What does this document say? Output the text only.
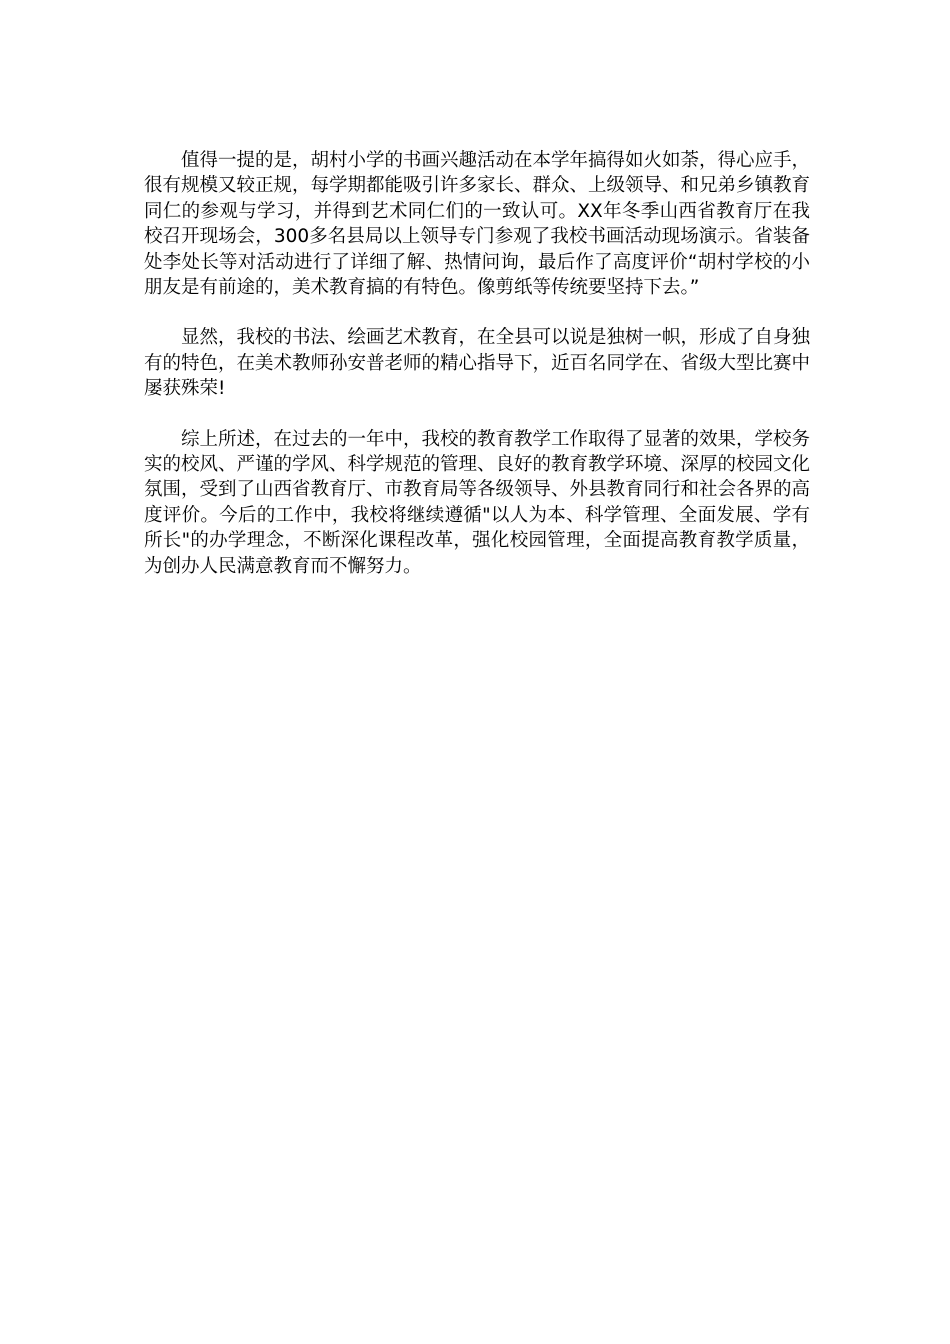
值得一提的是，胡村小学的书画兴趣活动在本学年搞得如火如荼，得心应手，很有规模又较正规，每学期都能吸引许多家长、群众、上级领导、和兄弟乡镇教育同仁的参观与学习，并得到艺术同仁们的一致认可。XX年冬季山西省教育厅在我校召开现场会，300多名县局以上领导专门参观了我校书画活动现场演示。省装备处李处长等对活动进行了详细了解、热情问询，最后作了高度评价“胡村学校的小朋友是有前途的，美术教育搞的有特色。像剪纸等传统要坚持下去。”

显然，我校的书法、绘画艺术教育，在全县可以说是独树一帜，形成了自身独有的特色，在美术教师孙安普老师的精心指导下，近百名同学在、省级大型比赛中屡获殊荣!

综上所述，在过去的一年中，我校的教育教学工作取得了显著的效果，学校务实的校风、严谨的学风、科学规范的管理、良好的教育教学环境、深厚的校园文化氛围，受到了山西省教育厅、市教育局等各级领导、外县教育同行和社会各界的高度评价。今后的工作中，我校将继续遵循"以人为本、科学管理、全面发展、学有所长"的办学理念，不断深化课程改革，强化校园管理，全面提高教育教学质量，为创办人民满意教育而不懈努力。
